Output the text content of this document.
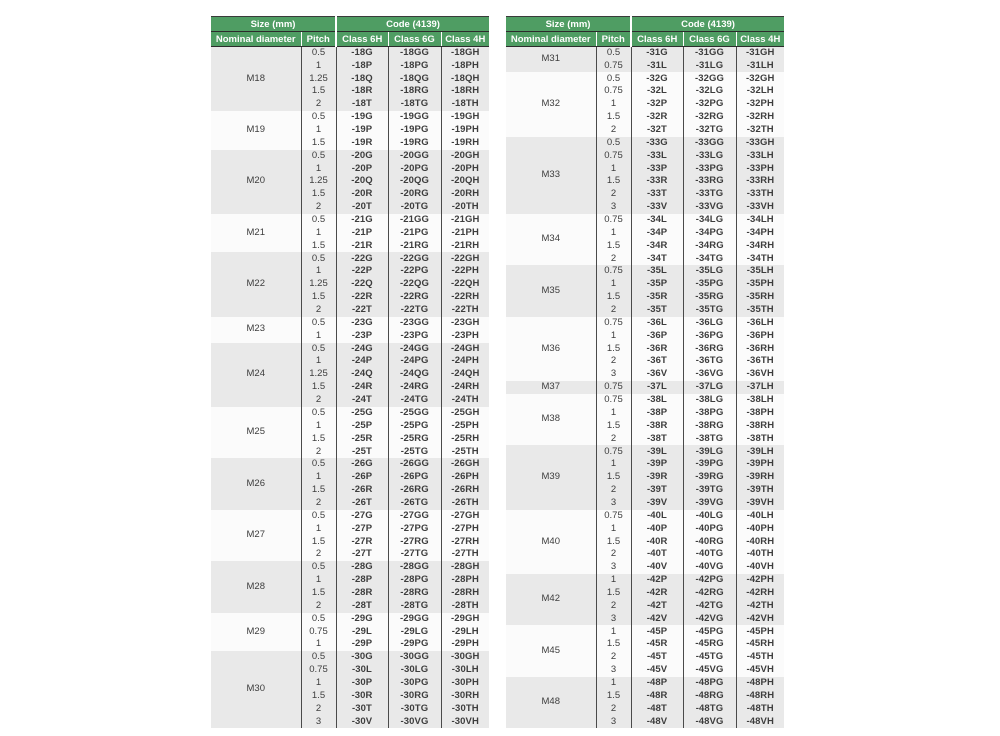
Size (mm)		Code (4139)		
Nominal diameter	Pitch	Class 6H	Class 6G	Class 4H
M18	0.5	-18G	-18GG	-18GH
	1	-18P	-18PG	-18PH
	1.25	-18Q	-18QG	-18QH
	1.5	-18R	-18RG	-18RH
	2	-18T	-18TG	-18TH
M19	0.5	-19G	-19GG	-19GH
	1	-19P	-19PG	-19PH
	1.5	-19R	-19RG	-19RH
M20	0.5	-20G	-20GG	-20GH
	1	-20P	-20PG	-20PH
	1.25	-20Q	-20QG	-20QH
	1.5	-20R	-20RG	-20RH
	2	-20T	-20TG	-20TH
M21	0.5	-21G	-21GG	-21GH
	1	-21P	-21PG	-21PH
	1.5	-21R	-21RG	-21RH
M22	0.5	-22G	-22GG	-22GH
	1	-22P	-22PG	-22PH
	1.25	-22Q	-22QG	-22QH
	1.5	-22R	-22RG	-22RH
	2	-22T	-22TG	-22TH
M23	0.5	-23G	-23GG	-23GH
	1	-23P	-23PG	-23PH
M24	0.5	-24G	-24GG	-24GH
	1	-24P	-24PG	-24PH
	1.25	-24Q	-24QG	-24QH
	1.5	-24R	-24RG	-24RH
	2	-24T	-24TG	-24TH
M25	0.5	-25G	-25GG	-25GH
	1	-25P	-25PG	-25PH
	1.5	-25R	-25RG	-25RH
	2	-25T	-25TG	-25TH
M26	0.5	-26G	-26GG	-26GH
	1	-26P	-26PG	-26PH
	1.5	-26R	-26RG	-26RH
	2	-26T	-26TG	-26TH
M27	0.5	-27G	-27GG	-27GH
	1	-27P	-27PG	-27PH
	1.5	-27R	-27RG	-27RH
	2	-27T	-27TG	-27TH
M28	0.5	-28G	-28GG	-28GH
	1	-28P	-28PG	-28PH
	1.5	-28R	-28RG	-28RH
	2	-28T	-28TG	-28TH
M29	0.5	-29G	-29GG	-29GH
	0.75	-29L	-29LG	-29LH
	1	-29P	-29PG	-29PH
M30	0.5	-30G	-30GG	-30GH
	0.75	-30L	-30LG	-30LH
	1	-30P	-30PG	-30PH
	1.5	-30R	-30RG	-30RH
	2	-30T	-30TG	-30TH
	3	-30V	-30VG	-30VH
Size (mm)		Code (4139)		
Nominal diameter	Pitch	Class 6H	Class 6G	Class 4H
M31	0.5	-31G	-31GG	-31GH
	0.75	-31L	-31LG	-31LH
M32	0.5	-32G	-32GG	-32GH
	0.75	-32L	-32LG	-32LH
	1	-32P	-32PG	-32PH
	1.5	-32R	-32RG	-32RH
	2	-32T	-32TG	-32TH
M33	0.5	-33G	-33GG	-33GH
	0.75	-33L	-33LG	-33LH
	1	-33P	-33PG	-33PH
	1.5	-33R	-33RG	-33RH
	2	-33T	-33TG	-33TH
	3	-33V	-33VG	-33VH
M34	0.75	-34L	-34LG	-34LH
	1	-34P	-34PG	-34PH
	1.5	-34R	-34RG	-34RH
	2	-34T	-34TG	-34TH
M35	0.75	-35L	-35LG	-35LH
	1	-35P	-35PG	-35PH
	1.5	-35R	-35RG	-35RH
	2	-35T	-35TG	-35TH
M36	0.75	-36L	-36LG	-36LH
	1	-36P	-36PG	-36PH
	1.5	-36R	-36RG	-36RH
	2	-36T	-36TG	-36TH
	3	-36V	-36VG	-36VH
M37	0.75	-37L	-37LG	-37LH
M38	0.75	-38L	-38LG	-38LH
	1	-38P	-38PG	-38PH
	1.5	-38R	-38RG	-38RH
	2	-38T	-38TG	-38TH
M39	0.75	-39L	-39LG	-39LH
	1	-39P	-39PG	-39PH
	1.5	-39R	-39RG	-39RH
	2	-39T	-39TG	-39TH
	3	-39V	-39VG	-39VH
M40	0.75	-40L	-40LG	-40LH
	1	-40P	-40PG	-40PH
	1.5	-40R	-40RG	-40RH
	2	-40T	-40TG	-40TH
	3	-40V	-40VG	-40VH
M42	1	-42P	-42PG	-42PH
	1.5	-42R	-42RG	-42RH
	2	-42T	-42TG	-42TH
	3	-42V	-42VG	-42VH
M45	1	-45P	-45PG	-45PH
	1.5	-45R	-45RG	-45RH
	2	-45T	-45TG	-45TH
	3	-45V	-45VG	-45VH
M48	1	-48P	-48PG	-48PH
	1.5	-48R	-48RG	-48RH
	2	-48T	-48TG	-48TH
	3	-48V	-48VG	-48VH
